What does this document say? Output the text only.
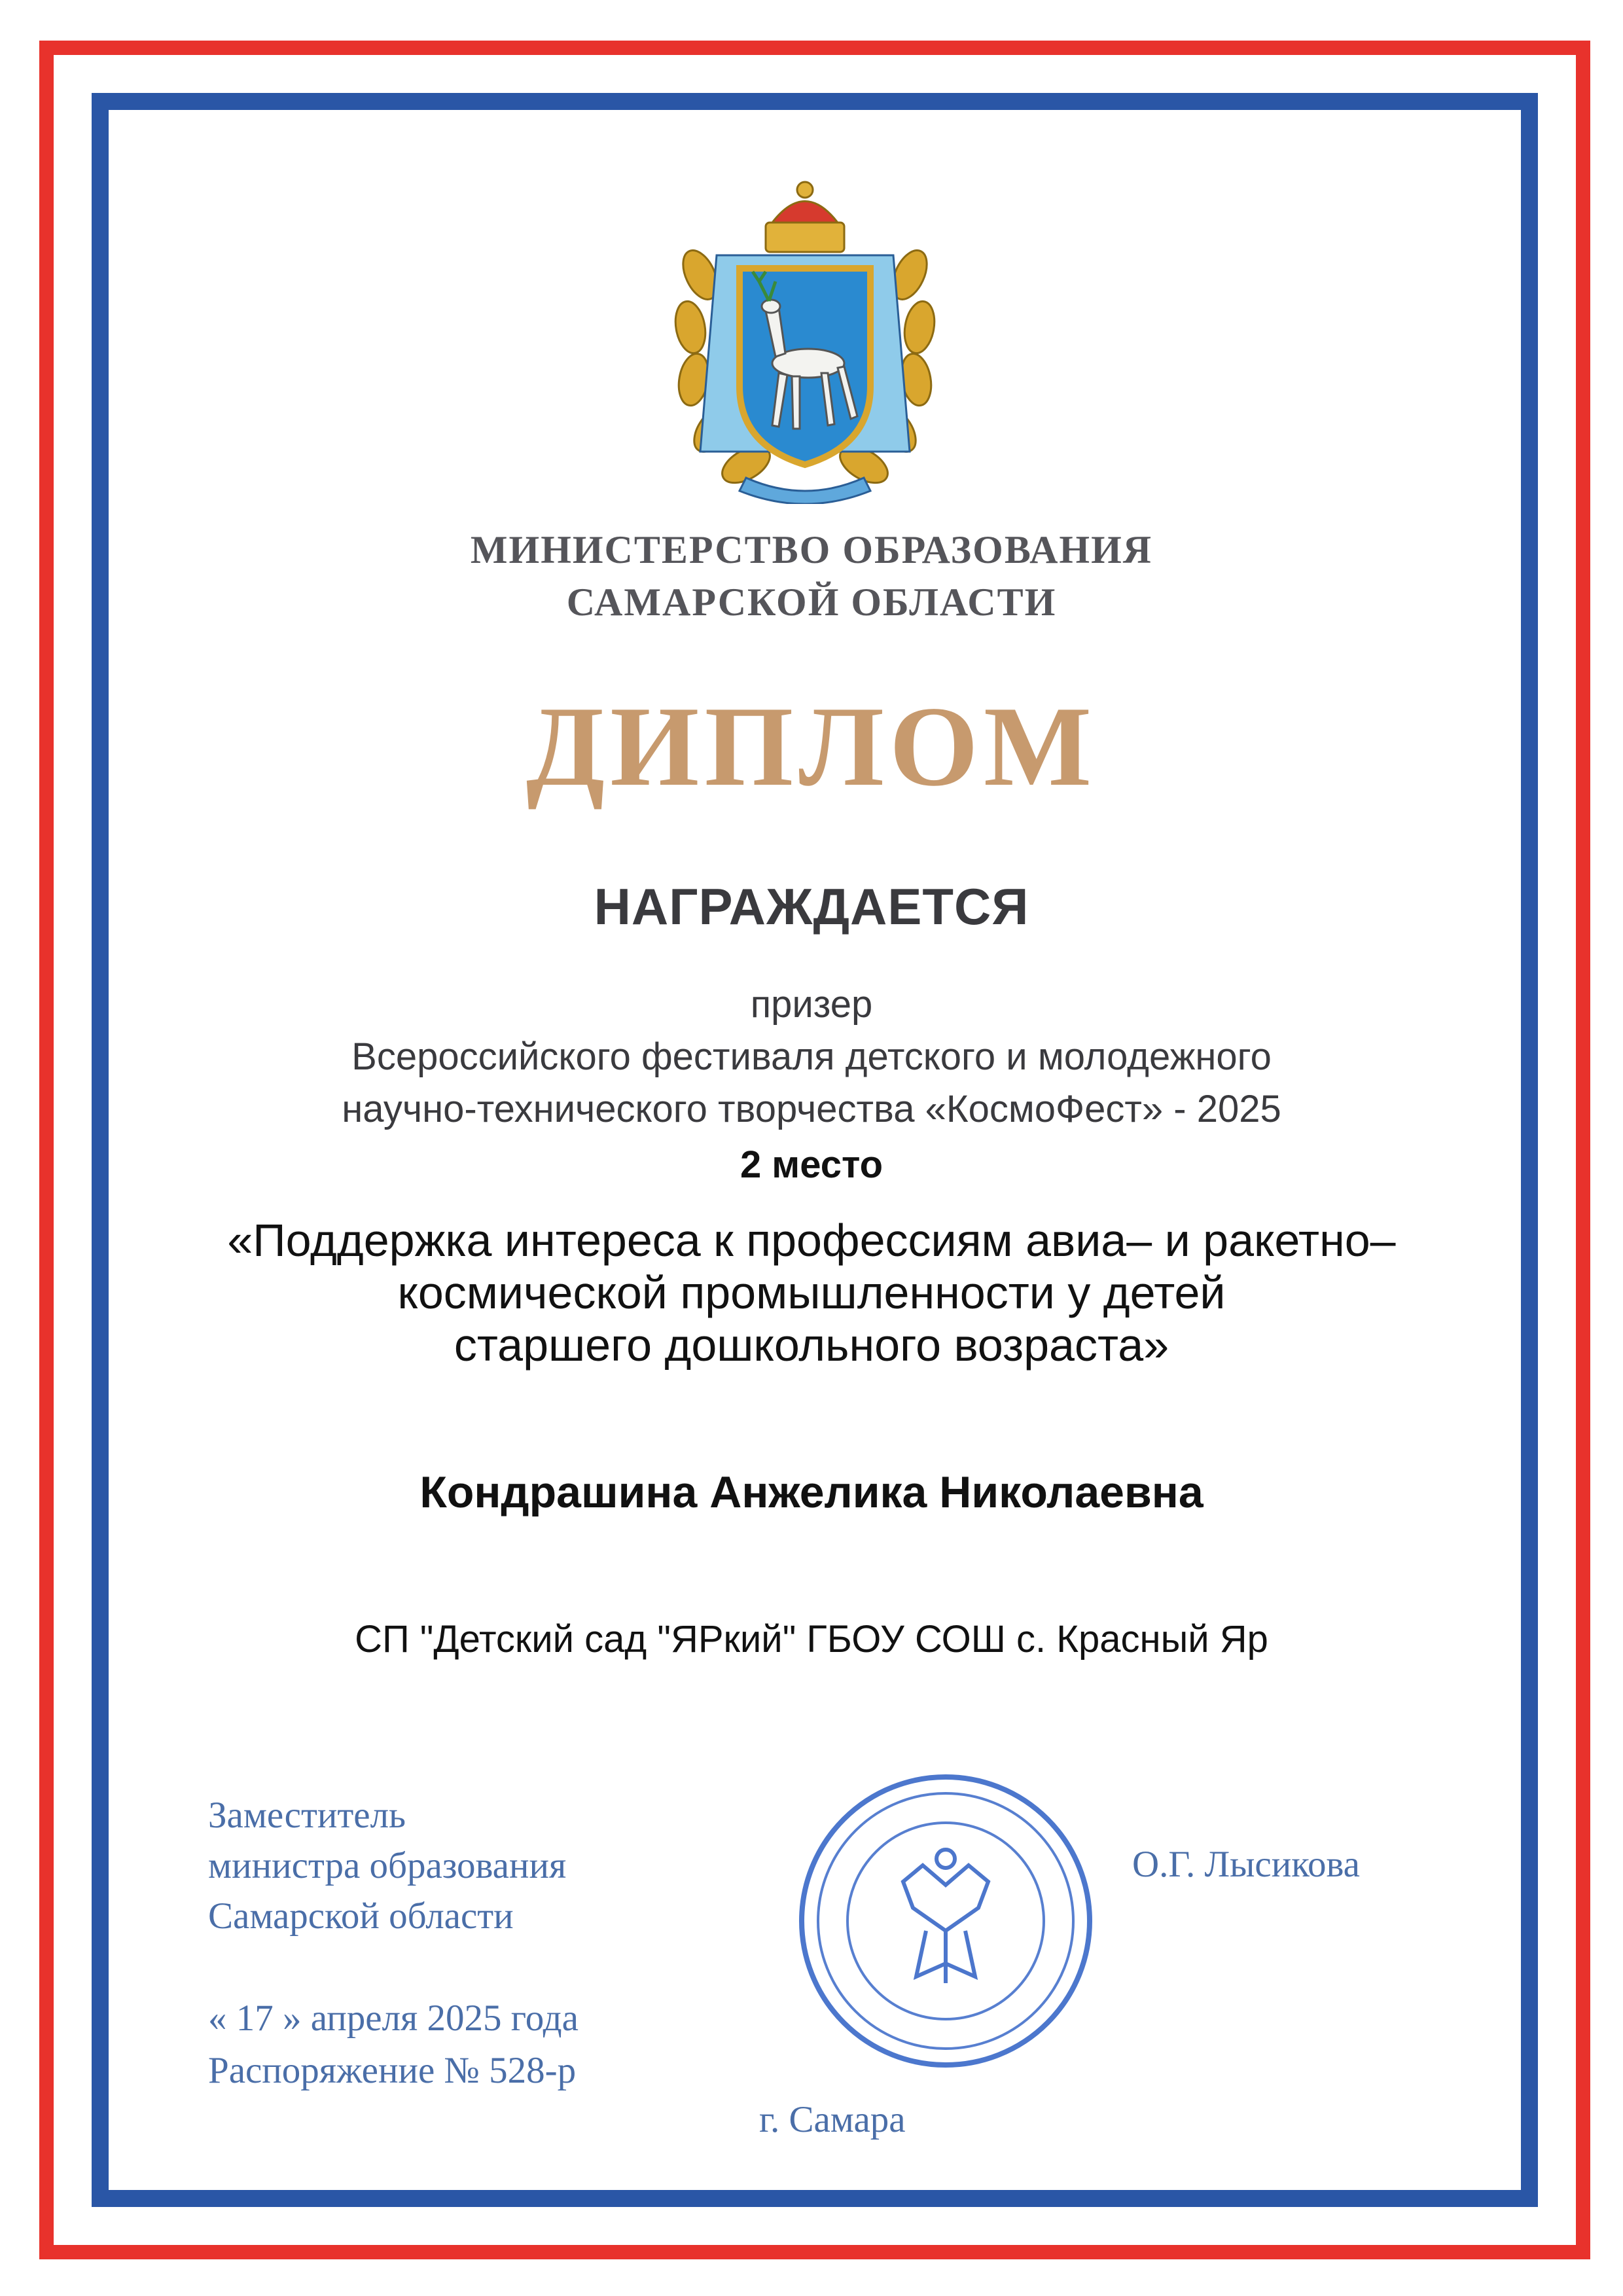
МИНИСТЕРСТВО ОБРАЗОВАНИЯ
САМАРСКОЙ ОБЛАСТИ
ДИПЛОМ
НАГРАЖДАЕТСЯ
призер
Всероссийского фестиваля детского и молодежного
научно-технического творчества «КосмоФест» - 2025
2 место
«Поддержка интереса к профессиям авиа– и ракетно–
космической промышленности у детей
старшего дошкольного возраста»
Кондрашина Анжелика Николаевна
СП "Детский сад "ЯРкий" ГБОУ СОШ с. Красный Яр
Заместитель
министра образования
Самарской области
О.Г. Лысикова
« 17 » апреля 2025 года
Распоряжение № 528-р
г. Самара
